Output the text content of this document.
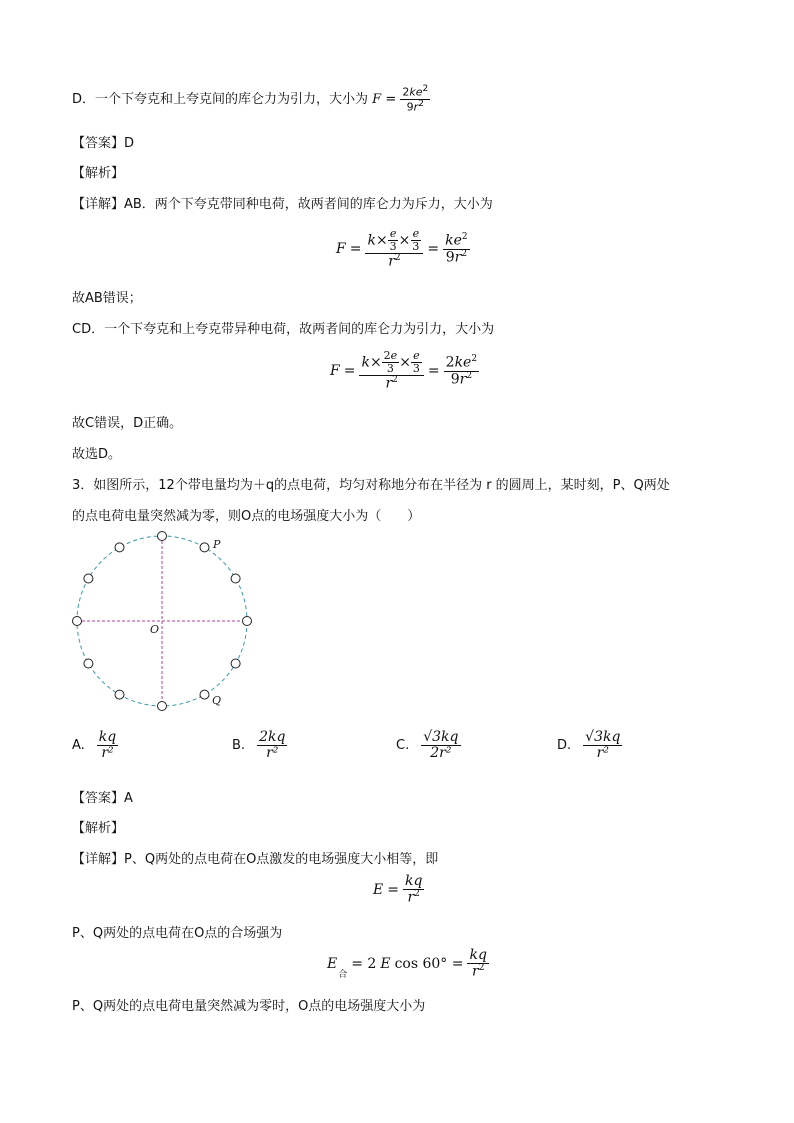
D．一个下夸克和上夸克间的库仑力为引力，大小为 $F = \frac{2ke^2}{9r^2}$
【答案】D
【解析】
【详解】AB．两个下夸克带同种电荷，故两者间的库仑力为斥力，大小为
$F = \frac{k\times \frac{e}{3} \times \frac{e}{3}}{r^2} = \frac{ke^2}{9r^2}$
故AB错误；
CD．一个下夸克和上夸克带异种电荷，故两者间的库仑力为引力，大小为
$F = \frac{k\times \frac{2e}{3} \times \frac{e}{3}}{r^2} = \frac{2ke^2}{9r^2}$
故C错误，D正确。
故选D。
3．如图所示，12个带电量均为＋q的点电荷，均匀对称地分布在半径为 r 的圆周上，某时刻，P、Q两处
的点电荷电量突然减为零，则O点的电场强度大小为（　　）
P
Q
O
A. $\frac{kq}{\text{r²}}$	B. $\frac{2kq}{\text{r²}}$	C. $\frac{√3kq}{\text{2r²}}$	D. $\frac{√3kq}{\text{r²}}$
【答案】A
【解析】
【详解】P、Q两处的点电荷在O点激发的电场强度大小相等，即
$E = \frac{kq}{r^2}$
P、Q两处的点电荷在O点的合场强为
E
合
= 2 E $\cos 60^\circ = \frac{kq}{r^2}$
P、Q两处的点电荷电量突然减为零时，O点的电场强度大小为
